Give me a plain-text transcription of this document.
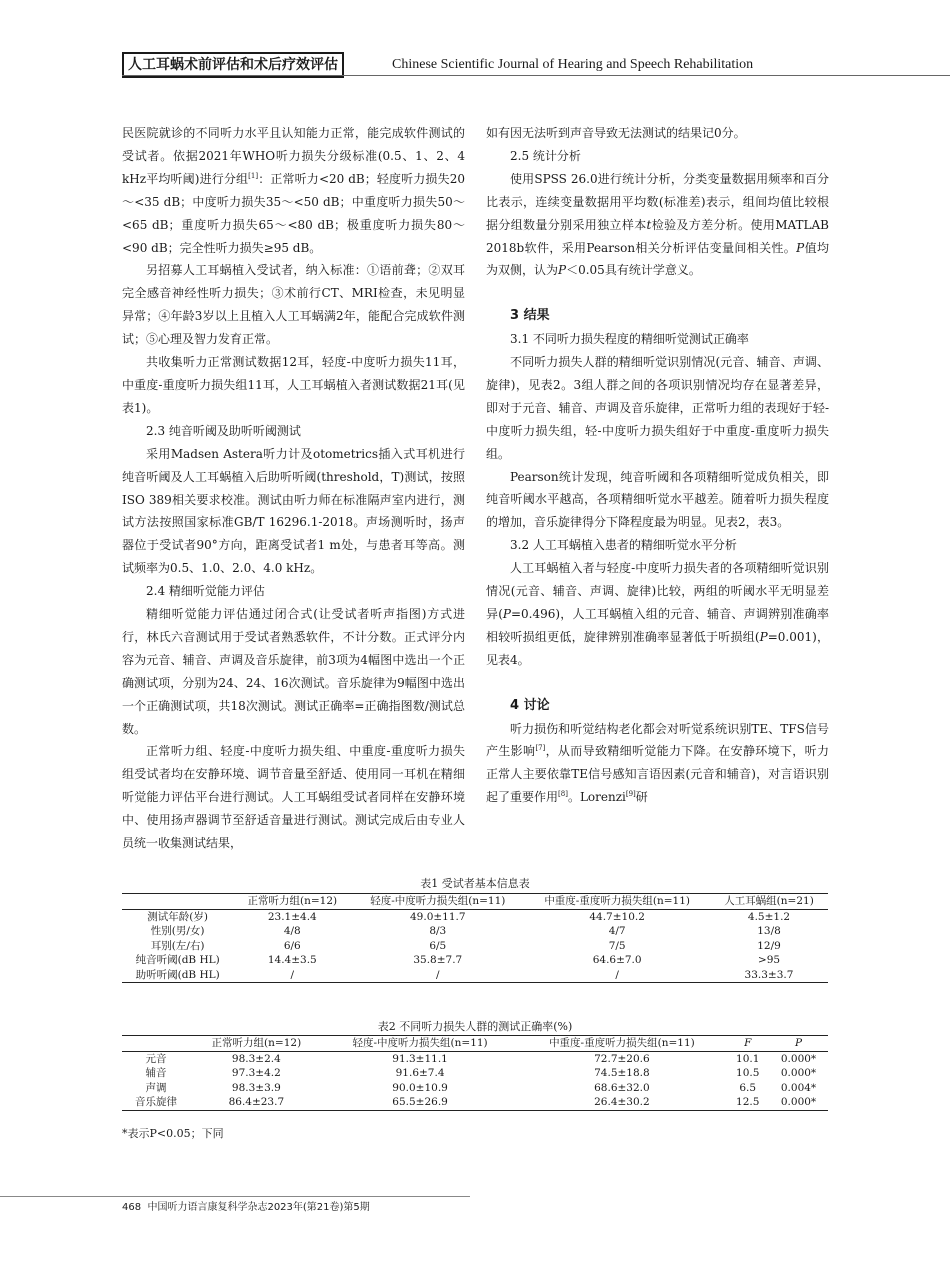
人工耳蜗术前评估和术后疗效评估	Chinese Scientific Journal of Hearing and Speech Rehabilitation

民医院就诊的不同听力水平且认知能力正常，能完成软件测试的受试者。依据2021年WHO听力损失分级标准(0.5、1、2、4 kHz平均听阈)进行分组[1]：正常听力<20 dB；轻度听力损失20～<35 dB；中度听力损失35～<50 dB；中重度听力损失50～<65 dB；重度听力损失65～<80 dB；极重度听力损失80～<90 dB；完全性听力损失≥95 dB。

另招募人工耳蜗植入受试者，纳入标准：①语前聋；②双耳完全感音神经性听力损失；③术前行CT、MRI检查，未见明显异常；④年龄3岁以上且植入人工耳蜗满2年，能配合完成软件测试；⑤心理及智力发育正常。

共收集听力正常测试数据12耳，轻度-中度听力损失11耳，中重度-重度听力损失组11耳，人工耳蜗植入者测试数据21耳(见表1)。

2.3 纯音听阈及助听听阈测试

采用Madsen Astera听力计及otometrics插入式耳机进行纯音听阈及人工耳蜗植入后助听听阈(threshold，T)测试，按照ISO 389相关要求校准。测试由听力师在标准隔声室内进行，测试方法按照国家标准GB/T 16296.1-2018。声场测听时，扬声器位于受试者90°方向，距离受试者1 m处，与患者耳等高。测试频率为0.5、1.0、2.0、4.0 kHz。

2.4 精细听觉能力评估

精细听觉能力评估通过闭合式(让受试者听声指图)方式进行，林氏六音测试用于受试者熟悉软件，不计分数。正式评分内容为元音、辅音、声调及音乐旋律，前3项为4幅图中选出一个正确测试项，分别为24、24、16次测试。音乐旋律为9幅图中选出一个正确测试项，共18次测试。测试正确率=正确指图数/测试总数。

正常听力组、轻度-中度听力损失组、中重度-重度听力损失组受试者均在安静环境、调节音量至舒适、使用同一耳机在精细听觉能力评估平台进行测试。人工耳蜗组受试者同样在安静环境中、使用扬声器调节至舒适音量进行测试。测试完成后由专业人员统一收集测试结果，

如有因无法听到声音导致无法测试的结果记0分。

2.5 统计分析

使用SPSS 26.0进行统计分析，分类变量数据用频率和百分比表示，连续变量数据用平均数(标准差)表示，组间均值比较根据分组数量分别采用独立样本t检验及方差分析。使用MATLAB 2018b软件，采用Pearson相关分析评估变量间相关性。P值均为双侧，认为P＜0.05具有统计学意义。

3 结果

3.1 不同听力损失程度的精细听觉测试正确率

不同听力损失人群的精细听觉识别情况(元音、辅音、声调、旋律)，见表2。3组人群之间的各项识别情况均存在显著差异，即对于元音、辅音、声调及音乐旋律，正常听力组的表现好于轻-中度听力损失组，轻-中度听力损失组好于中重度-重度听力损失组。

Pearson统计发现，纯音听阈和各项精细听觉成负相关，即纯音听阈水平越高，各项精细听觉水平越差。随着听力损失程度的增加，音乐旋律得分下降程度最为明显。见表2，表3。

3.2 人工耳蜗植入患者的精细听觉水平分析

人工耳蜗植入者与轻度-中度听力损失者的各项精细听觉识别情况(元音、辅音、声调、旋律)比较，两组的听阈水平无明显差异(P=0.496)，人工耳蜗植入组的元音、辅音、声调辨别准确率相较听损组更低，旋律辨别准确率显著低于听损组(P=0.001)，见表4。

4 讨论

听力损伤和听觉结构老化都会对听觉系统识别TE、TFS信号产生影响[7]，从而导致精细听觉能力下降。在安静环境下，听力正常人主要依靠TE信号感知言语因素(元音和辅音)，对言语识别起了重要作用[8]。Lorenzi[9]研

表1 受试者基本信息表
	正常听力组(n=12)	轻度-中度听力损失组(n=11)	中重度-重度听力损失组(n=11)	人工耳蜗组(n=21)
测试年龄(岁)	23.1±4.4	49.0±11.7	44.7±10.2	4.5±1.2
性别(男/女)	4/8	8/3	4/7	13/8
耳别(左/右)	6/6	6/5	7/5	12/9
纯音听阈(dB HL)	14.4±3.5	35.8±7.7	64.6±7.0	>95
助听听阈(dB HL)	/	/	/	33.3±3.7
表2 不同听力损失人群的测试正确率(%)
	正常听力组(n=12)	轻度-中度听力损失组(n=11)	中重度-重度听力损失组(n=11)	F	P
元音	98.3±2.4	91.3±11.1	72.7±20.6	10.1	0.000*
辅音	97.3±4.2	91.6±7.4	74.5±18.8	10.5	0.000*
声调	98.3±3.9	90.0±10.9	68.6±32.0	6.5	0.004*
音乐旋律	86.4±23.7	65.5±26.9	26.4±30.2	12.5	0.000*
*表示P<0.05；下同
468 中国听力语言康复科学杂志2023年(第21卷)第5期
